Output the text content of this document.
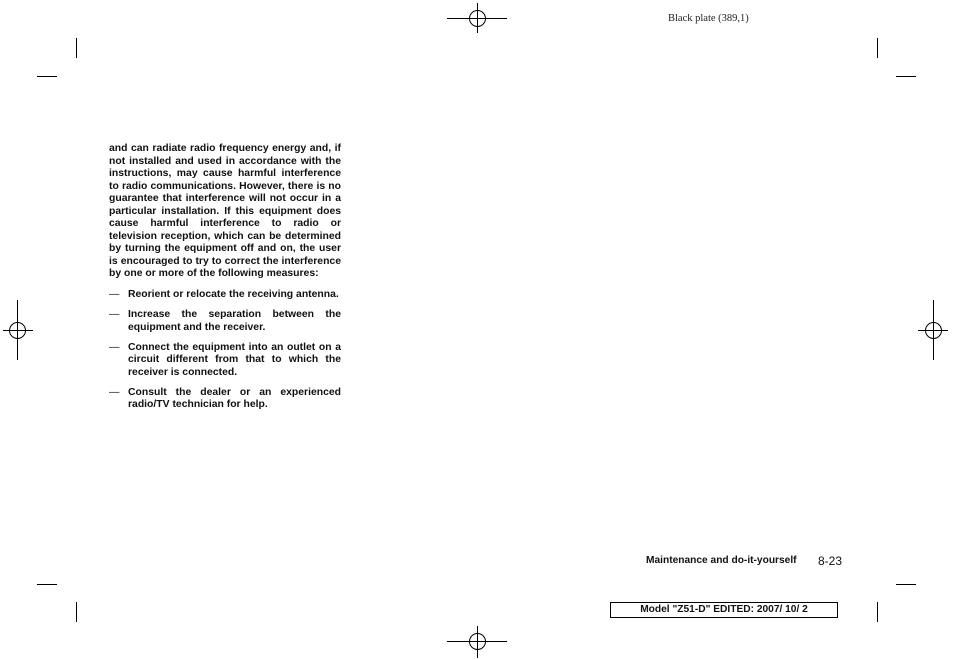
Black plate (389,1)

and can radiate radio frequency energy and, if not installed and used in accordance with the instructions, may cause harmful interference to radio communications. However, there is no guarantee that interference will not occur in a particular installation. If this equipment does cause harmful interference to radio or television reception, which can be determined by turning the equipment off and on, the user is encouraged to try to correct the interference by one or more of the following measures:

— Reorient or relocate the receiving antenna.
— Increase the separation between the equipment and the receiver.
— Connect the equipment into an outlet on a circuit different from that to which the receiver is connected.
— Consult the dealer or an experienced radio/TV technician for help.
Maintenance and do-it-yourself 8-23
Model "Z51-D" EDITED: 2007/ 10/ 2
